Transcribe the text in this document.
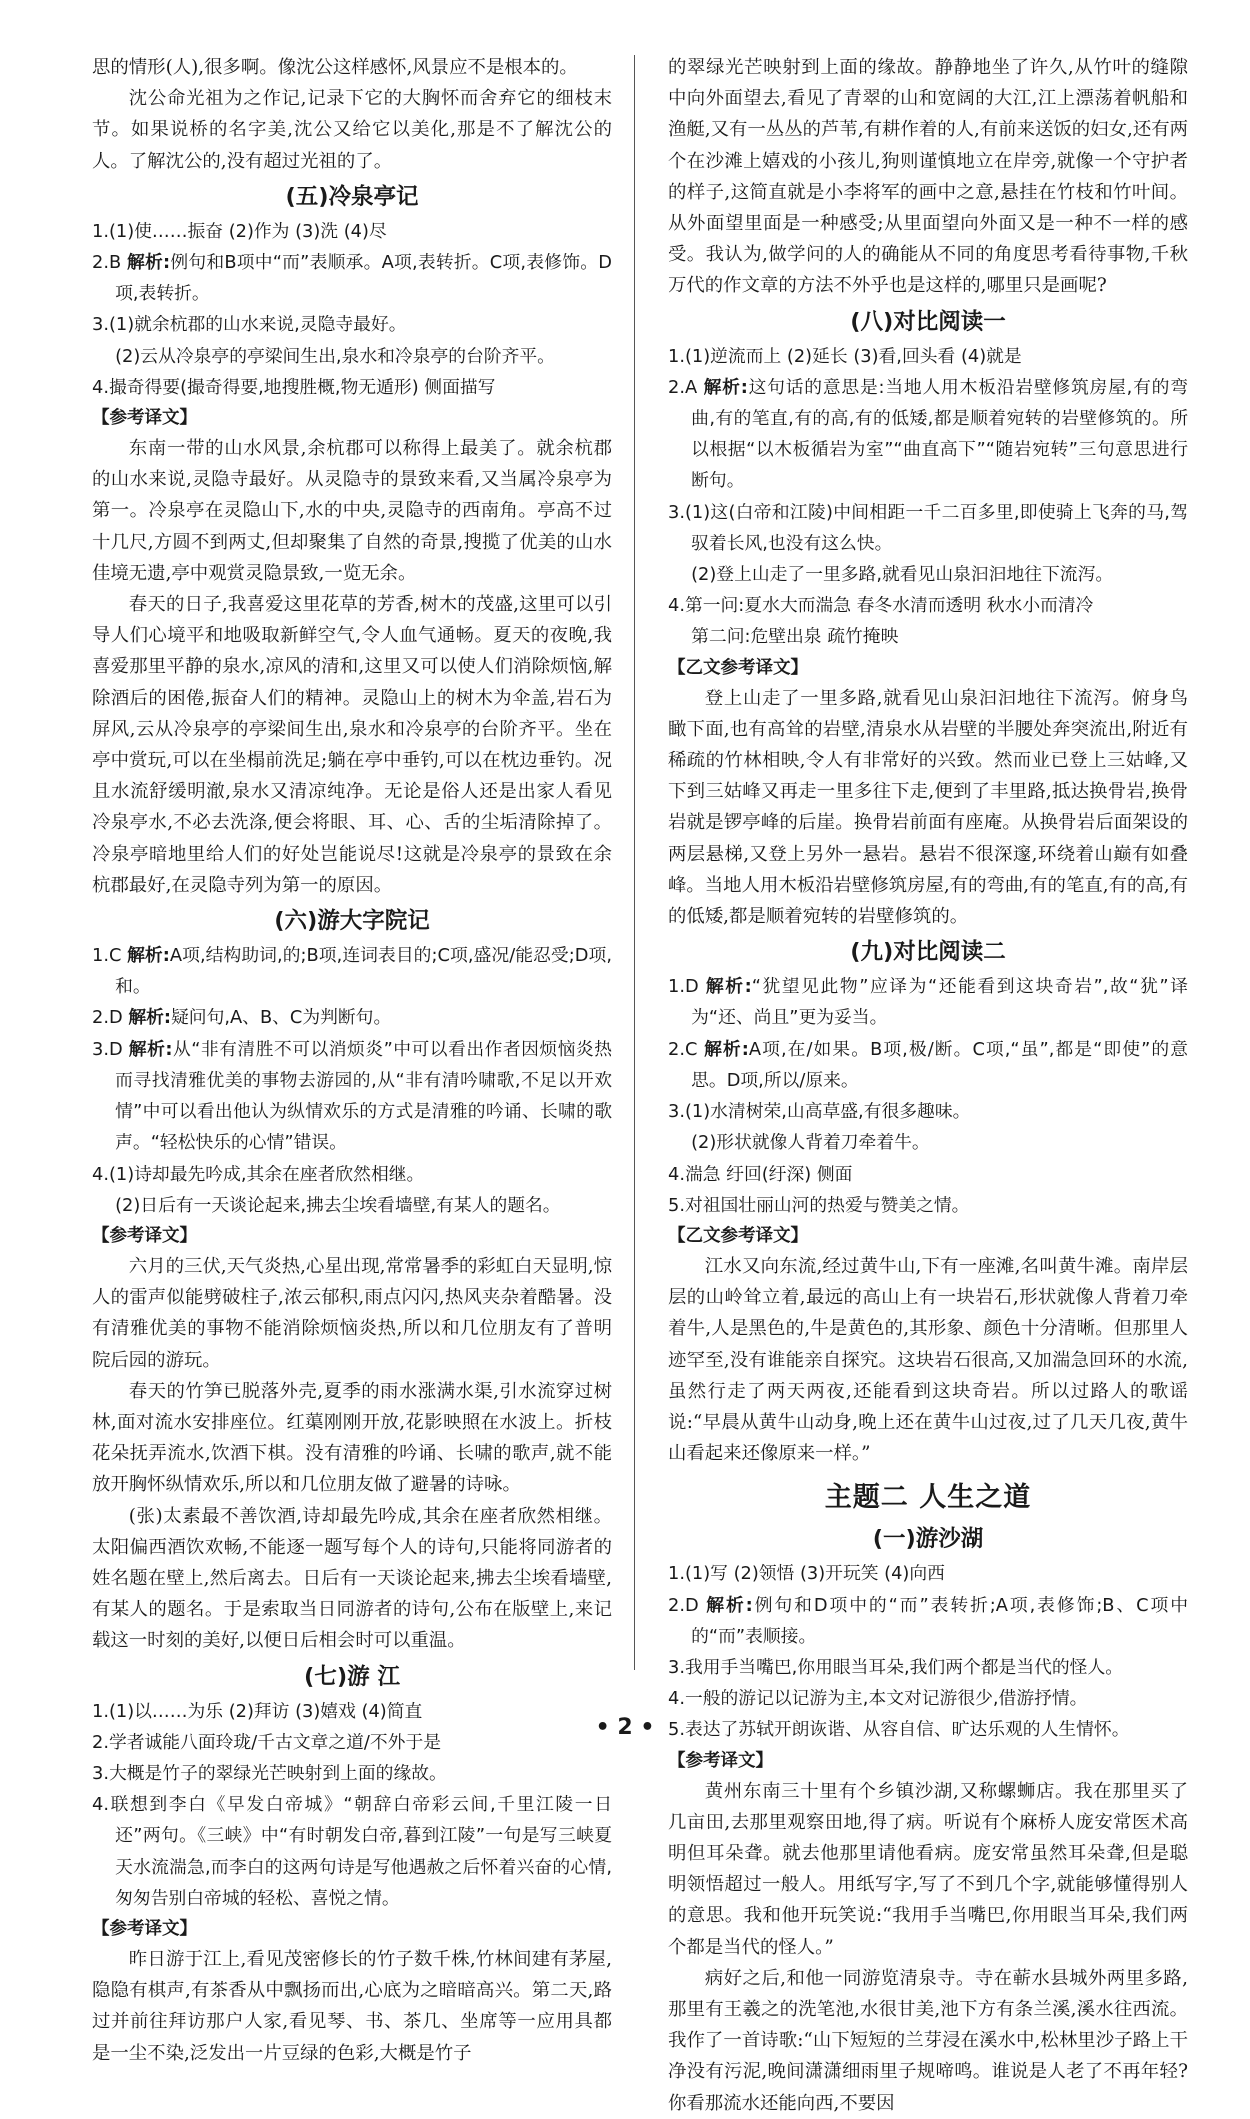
思的情形(人),很多啊。像沈公这样感怀,风景应不是根本的。

沈公命光祖为之作记,记录下它的大胸怀而舍弃它的细枝末节。如果说桥的名字美,沈公又给它以美化,那是不了解沈公的人。了解沈公的,没有超过光祖的了。

(五)冷泉亭记

1.(1)使……振奋 (2)作为 (3)洗 (4)尽

2.B 解析:例句和B项中“而”表顺承。A项,表转折。C项,表修饰。D项,表转折。

3.(1)就余杭郡的山水来说,灵隐寺最好。

(2)云从冷泉亭的亭梁间生出,泉水和冷泉亭的台阶齐平。

4.撮奇得要(撮奇得要,地搜胜概,物无遁形) 侧面描写

【参考译文】

东南一带的山水风景,余杭郡可以称得上最美了。就余杭郡的山水来说,灵隐寺最好。从灵隐寺的景致来看,又当属冷泉亭为第一。冷泉亭在灵隐山下,水的中央,灵隐寺的西南角。亭高不过十几尺,方圆不到两丈,但却聚集了自然的奇景,搜揽了优美的山水佳境无遗,亭中观赏灵隐景致,一览无余。

春天的日子,我喜爱这里花草的芳香,树木的茂盛,这里可以引导人们心境平和地吸取新鲜空气,令人血气通畅。夏天的夜晚,我喜爱那里平静的泉水,凉风的清和,这里又可以使人们消除烦恼,解除酒后的困倦,振奋人们的精神。灵隐山上的树木为伞盖,岩石为屏风,云从冷泉亭的亭梁间生出,泉水和冷泉亭的台阶齐平。坐在亭中赏玩,可以在坐榻前洗足;躺在亭中垂钓,可以在枕边垂钓。况且水流舒缓明澈,泉水又清凉纯净。无论是俗人还是出家人看见冷泉亭水,不必去洗涤,便会将眼、耳、心、舌的尘垢清除掉了。冷泉亭暗地里给人们的好处岂能说尽!这就是冷泉亭的景致在余杭郡最好,在灵隐寺列为第一的原因。

(六)游大字院记

1.C 解析:A项,结构助词,的;B项,连词表目的;C项,盛况/能忍受;D项,和。

2.D 解析:疑问句,A、B、C为判断句。

3.D 解析:从“非有清胜不可以消烦炎”中可以看出作者因烦恼炎热而寻找清雅优美的事物去游园的,从“非有清吟啸歌,不足以开欢情”中可以看出他认为纵情欢乐的方式是清雅的吟诵、长啸的歌声。“轻松快乐的心情”错误。

4.(1)诗却最先吟成,其余在座者欣然相继。

(2)日后有一天谈论起来,拂去尘埃看墙壁,有某人的题名。

【参考译文】

六月的三伏,天气炎热,心星出现,常常暑季的彩虹白天显明,惊人的雷声似能劈破柱子,浓云郁积,雨点闪闪,热风夹杂着酷暑。没有清雅优美的事物不能消除烦恼炎热,所以和几位朋友有了普明院后园的游玩。

春天的竹笋已脱落外壳,夏季的雨水涨满水渠,引水流穿过树林,面对流水安排座位。红蕖刚刚开放,花影映照在水波上。折枝花朵抚弄流水,饮酒下棋。没有清雅的吟诵、长啸的歌声,就不能放开胸怀纵情欢乐,所以和几位朋友做了避暑的诗咏。

(张)太素最不善饮酒,诗却最先吟成,其余在座者欣然相继。太阳偏西酒饮欢畅,不能逐一题写每个人的诗句,只能将同游者的姓名题在壁上,然后离去。日后有一天谈论起来,拂去尘埃看墙壁,有某人的题名。于是索取当日同游者的诗句,公布在版壁上,来记载这一时刻的美好,以便日后相会时可以重温。

(七)游 江

1.(1)以……为乐 (2)拜访 (3)嬉戏 (4)简直

2.学者诚能八面玲珑/千古文章之道/不外于是

3.大概是竹子的翠绿光芒映射到上面的缘故。

4.联想到李白《早发白帝城》“朝辞白帝彩云间,千里江陵一日还”两句。《三峡》中“有时朝发白帝,暮到江陵”一句是写三峡夏天水流湍急,而李白的这两句诗是写他遇赦之后怀着兴奋的心情,匆匆告别白帝城的轻松、喜悦之情。

【参考译文】

昨日游于江上,看见茂密修长的竹子数千株,竹林间建有茅屋,隐隐有棋声,有茶香从中飘扬而出,心底为之暗暗高兴。第二天,路过并前往拜访那户人家,看见琴、书、茶几、坐席等一应用具都是一尘不染,泛发出一片豆绿的色彩,大概是竹子

的翠绿光芒映射到上面的缘故。静静地坐了许久,从竹叶的缝隙中向外面望去,看见了青翠的山和宽阔的大江,江上漂荡着帆船和渔艇,又有一丛丛的芦苇,有耕作着的人,有前来送饭的妇女,还有两个在沙滩上嬉戏的小孩儿,狗则谨慎地立在岸旁,就像一个守护者的样子,这简直就是小李将军的画中之意,悬挂在竹枝和竹叶间。从外面望里面是一种感受;从里面望向外面又是一种不一样的感受。我认为,做学问的人的确能从不同的角度思考看待事物,千秋万代的作文章的方法不外乎也是这样的,哪里只是画呢?

(八)对比阅读一

1.(1)逆流而上 (2)延长 (3)看,回头看 (4)就是

2.A 解析:这句话的意思是:当地人用木板沿岩壁修筑房屋,有的弯曲,有的笔直,有的高,有的低矮,都是顺着宛转的岩壁修筑的。所以根据“以木板循岩为室”“曲直高下”“随岩宛转”三句意思进行断句。

3.(1)这(白帝和江陵)中间相距一千二百多里,即使骑上飞奔的马,驾驭着长风,也没有这么快。

(2)登上山走了一里多路,就看见山泉汩汩地往下流泻。

4.第一问:夏水大而湍急 春冬水清而透明 秋水小而清冷

第二问:危壁出泉 疏竹掩映

【乙文参考译文】

登上山走了一里多路,就看见山泉汩汩地往下流泻。俯身鸟瞰下面,也有高耸的岩壁,清泉水从岩壁的半腰处奔突流出,附近有稀疏的竹林相映,令人有非常好的兴致。然而业已登上三姑峰,又下到三姑峰又再走一里多往下走,便到了丰里路,抵达换骨岩,换骨岩就是锣亭峰的后崖。换骨岩前面有座庵。从换骨岩后面架设的两层悬梯,又登上另外一悬岩。悬岩不很深邃,环绕着山巅有如叠峰。当地人用木板沿岩壁修筑房屋,有的弯曲,有的笔直,有的高,有的低矮,都是顺着宛转的岩壁修筑的。

(九)对比阅读二

1.D 解析:“犹望见此物”应译为“还能看到这块奇岩”,故“犹”译为“还、尚且”更为妥当。

2.C 解析:A项,在/如果。B项,极/断。C项,“虽”,都是“即使”的意思。D项,所以/原来。

3.(1)水清树荣,山高草盛,有很多趣味。

(2)形状就像人背着刀牵着牛。

4.湍急 纡回(纡深) 侧面

5.对祖国壮丽山河的热爱与赞美之情。

【乙文参考译文】

江水又向东流,经过黄牛山,下有一座滩,名叫黄牛滩。南岸层层的山岭耸立着,最远的高山上有一块岩石,形状就像人背着刀牵着牛,人是黑色的,牛是黄色的,其形象、颜色十分清晰。但那里人迹罕至,没有谁能亲自探究。这块岩石很高,又加湍急回环的水流,虽然行走了两天两夜,还能看到这块奇岩。所以过路人的歌谣说:“早晨从黄牛山动身,晚上还在黄牛山过夜,过了几天几夜,黄牛山看起来还像原来一样。”

主题二 人生之道
(一)游沙湖

1.(1)写 (2)领悟 (3)开玩笑 (4)向西

2.D 解析:例句和D项中的“而”表转折;A项,表修饰;B、C项中的“而”表顺接。

3.我用手当嘴巴,你用眼当耳朵,我们两个都是当代的怪人。

4.一般的游记以记游为主,本文对记游很少,借游抒情。

5.表达了苏轼开朗诙谐、从容自信、旷达乐观的人生情怀。

【参考译文】

黄州东南三十里有个乡镇沙湖,又称螺蛳店。我在那里买了几亩田,去那里观察田地,得了病。听说有个麻桥人庞安常医术高明但耳朵聋。就去他那里请他看病。庞安常虽然耳朵聋,但是聪明领悟超过一般人。用纸写字,写了不到几个字,就能够懂得别人的意思。我和他开玩笑说:“我用手当嘴巴,你用眼当耳朵,我们两个都是当代的怪人。”

病好之后,和他一同游览清泉寺。寺在蕲水县城外两里多路,那里有王羲之的洗笔池,水很甘美,池下方有条兰溪,溪水往西流。我作了一首诗歌:“山下短短的兰芽浸在溪水中,松林里沙子路上干净没有污泥,晚间潇潇细雨里子规啼鸣。谁说是人老了不再年轻?你看那流水还能向西,不要因

• 2 •
